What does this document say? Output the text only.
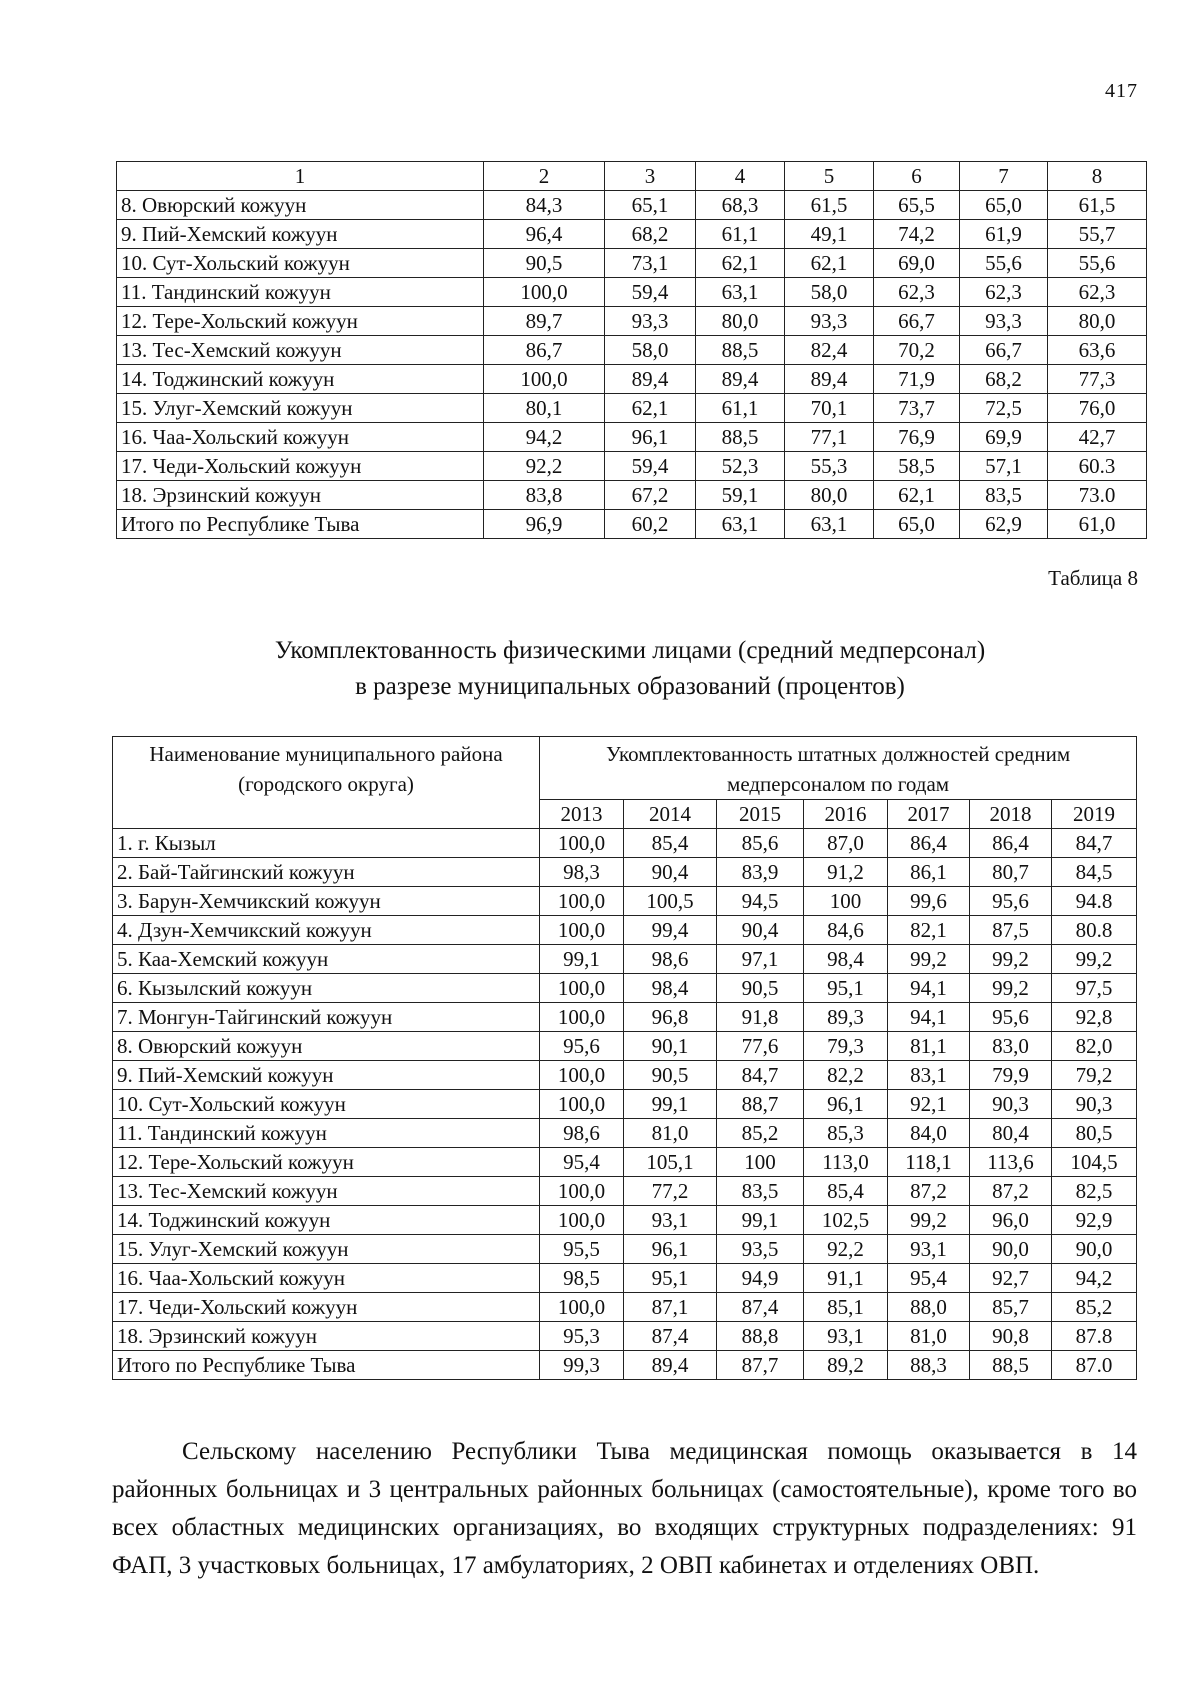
417
1	2	3	4	5	6	7	8
8. Овюрский кожуун	84,3	65,1	68,3	61,5	65,5	65,0	61,5
9. Пий-Хемский кожуун	96,4	68,2	61,1	49,1	74,2	61,9	55,7
10. Сут-Хольский кожуун	90,5	73,1	62,1	62,1	69,0	55,6	55,6
11. Тандинский кожуун	100,0	59,4	63,1	58,0	62,3	62,3	62,3
12. Тере-Хольский кожуун	89,7	93,3	80,0	93,3	66,7	93,3	80,0
13. Тес-Хемский кожуун	86,7	58,0	88,5	82,4	70,2	66,7	63,6
14. Тоджинский кожуун	100,0	89,4	89,4	89,4	71,9	68,2	77,3
15. Улуг-Хемский кожуун	80,1	62,1	61,1	70,1	73,7	72,5	76,0
16. Чаа-Хольский кожуун	94,2	96,1	88,5	77,1	76,9	69,9	42,7
17. Чеди-Хольский кожуун	92,2	59,4	52,3	55,3	58,5	57,1	60.3
18. Эрзинский кожуун	83,8	67,2	59,1	80,0	62,1	83,5	73.0
Итого по Республике Тыва	96,9	60,2	63,1	63,1	65,0	62,9	61,0
Таблица 8
Укомплектованность физическими лицами (средний медперсонал)
в разрезе муниципальных образований (процентов)
Наименование муниципального района (городского округа)	Укомплектованность штатных должностей средним медперсоналом по годам						
	2013	2014	2015	2016	2017	2018	2019
1. г. Кызыл	100,0	85,4	85,6	87,0	86,4	86,4	84,7
2. Бай-Тайгинский кожуун	98,3	90,4	83,9	91,2	86,1	80,7	84,5
3. Барун-Хемчикский кожуун	100,0	100,5	94,5	100	99,6	95,6	94.8
4. Дзун-Хемчикский кожуун	100,0	99,4	90,4	84,6	82,1	87,5	80.8
5. Каа-Хемский кожуун	99,1	98,6	97,1	98,4	99,2	99,2	99,2
6. Кызылский кожуун	100,0	98,4	90,5	95,1	94,1	99,2	97,5
7. Монгун-Тайгинский кожуун	100,0	96,8	91,8	89,3	94,1	95,6	92,8
8. Овюрский кожуун	95,6	90,1	77,6	79,3	81,1	83,0	82,0
9. Пий-Хемский кожуун	100,0	90,5	84,7	82,2	83,1	79,9	79,2
10. Сут-Хольский кожуун	100,0	99,1	88,7	96,1	92,1	90,3	90,3
11. Тандинский кожуун	98,6	81,0	85,2	85,3	84,0	80,4	80,5
12. Тере-Хольский кожуун	95,4	105,1	100	113,0	118,1	113,6	104,5
13. Тес-Хемский кожуун	100,0	77,2	83,5	85,4	87,2	87,2	82,5
14. Тоджинский кожуун	100,0	93,1	99,1	102,5	99,2	96,0	92,9
15. Улуг-Хемский кожуун	95,5	96,1	93,5	92,2	93,1	90,0	90,0
16. Чаа-Хольский кожуун	98,5	95,1	94,9	91,1	95,4	92,7	94,2
17. Чеди-Хольский кожуун	100,0	87,1	87,4	85,1	88,0	85,7	85,2
18. Эрзинский кожуун	95,3	87,4	88,8	93,1	81,0	90,8	87.8
Итого по Республике Тыва	99,3	89,4	87,7	89,2	88,3	88,5	87.0

Сельскому населению Республики Тыва медицинская помощь оказывается в 14 районных больницах и 3 центральных районных больницах (самостоятельные), кроме того во всех областных медицинских организациях, во входящих структурных подразделениях: 91 ФАП, 3 участковых больницах, 17 амбулаториях, 2 ОВП кабинетах и отделениях ОВП.
